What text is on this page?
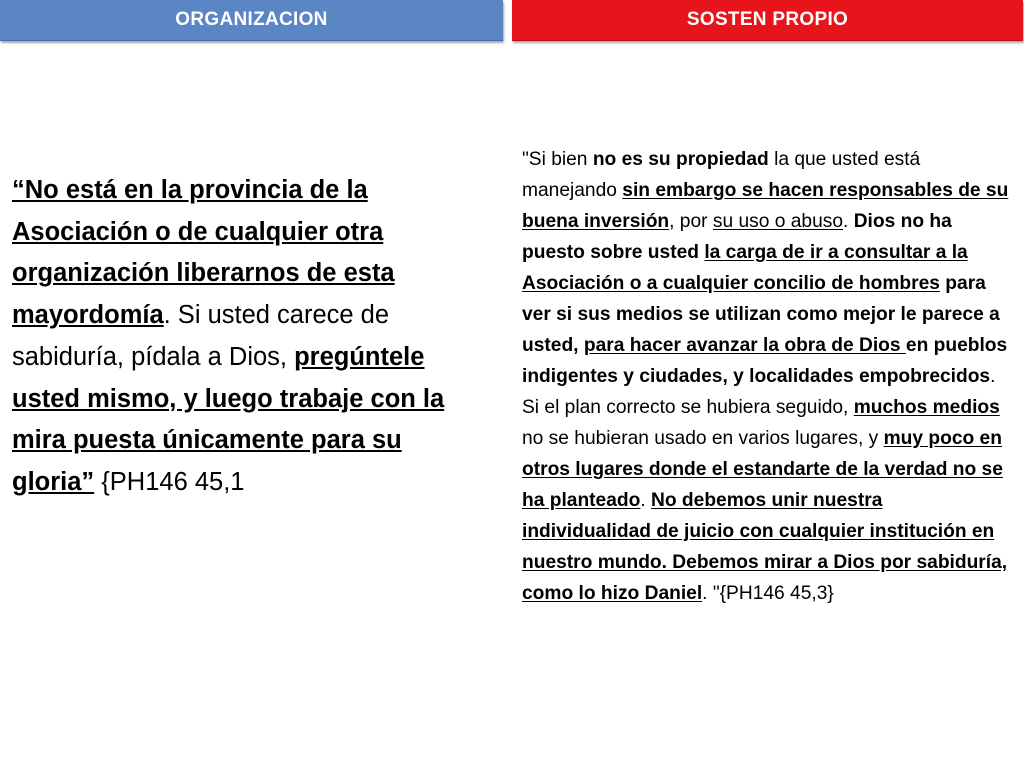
ORGANIZACION	SOSTEN PROPIO
“No está en la provincia de la Asociación o de cualquier otra organización liberarnos de esta mayordomía. Si usted carece de sabiduría, pídala a Dios, pregúntele usted mismo, y luego trabaje con la mira puesta únicamente para su gloria” {PH146 45,1
"Si bien no es su propiedad la que usted está manejando sin embargo se hacen responsables de su buena inversión, por su uso o abuso. Dios no ha puesto sobre usted la carga de ir a consultar a la Asociación o a cualquier concilio de hombres para ver si sus medios se utilizan como mejor le parece a usted, para hacer avanzar la obra de Dios en pueblos indigentes y ciudades, y localidades empobrecidos. Si el plan correcto se hubiera seguido, muchos medios no se hubieran usado en varios lugares, y muy poco en otros lugares donde el estandarte de la verdad no se ha planteado. No debemos unir nuestra individualidad de juicio con cualquier institución en nuestro mundo. Debemos mirar a Dios por sabiduría, como lo hizo Daniel. "{PH146 45,3}
